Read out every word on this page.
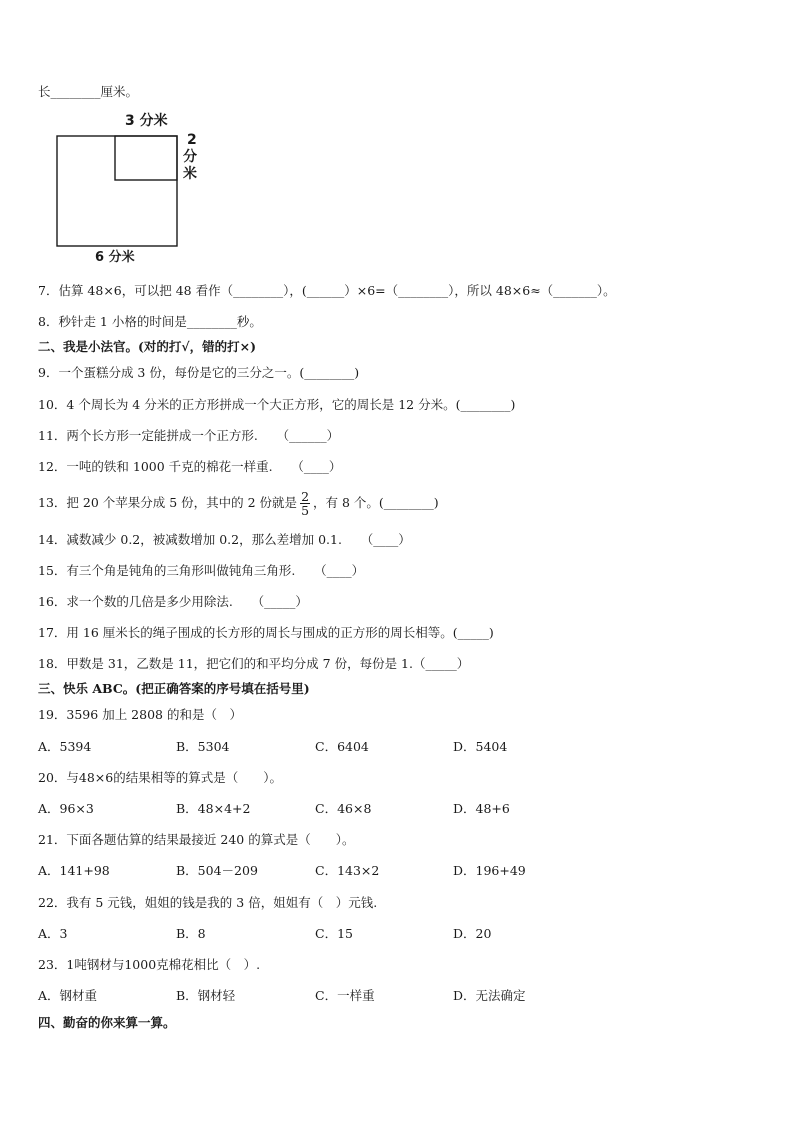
长________厘米。
3 分米
2
分
米
6 分米
7．估算 48×6，可以把 48 看作（________），(______）×6=（________），所以 48×6≈（_______）。
8．秒针走 1 小格的时间是________秒。
二、我是小法官。(对的打√，错的打×)
9．一个蛋糕分成 3 份，每份是它的三分之一。(________)
10．4 个周长为 4 分米的正方形拼成一个大正方形，它的周长是 12 分米。(________)
11．两个长方形一定能拼成一个正方形.　　（______）
12．一吨的铁和 1000 千克的棉花一样重.　　（____）
13．把 20 个苹果分成 5 份，其中的 2 份就是 $\frac{2}{5}$ ，有 8 个。(________)
14．减数减少 0.2，被减数增加 0.2，那么差增加 0.1.　　（____）
15．有三个角是钝角的三角形叫做钝角三角形.　　（____）
16．求一个数的几倍是多少用除法.　　（_____）
17．用 16 厘米长的绳子围成的长方形的周长与围成的正方形的周长相等。(_____)
18．甲数是 31，乙数是 11，把它们的和平均分成 7 份，每份是 1.（_____）
三、快乐 ABC。(把正确答案的序号填在括号里)
19．3596 加上 2808 的和是（　）
A．5394	B．5304	C．6404	D．5404
20．与48×6的结果相等的算式是（　　）。
A．96×3	B．48×4+2	C．46×8	D．48+6
21．下面各题估算的结果最接近 240 的算式是（　　）。
A．141+98	B．504－209	C．143×2	D．196+49
22．我有 5 元钱，姐姐的钱是我的 3 倍，姐姐有（　）元钱.
A．3	B．8	C．15	D．20
23．1吨钢材与1000克棉花相比（　）.
A．钢材重	B．钢材轻	C．一样重	D．无法确定
四、勤奋的你来算一算。
